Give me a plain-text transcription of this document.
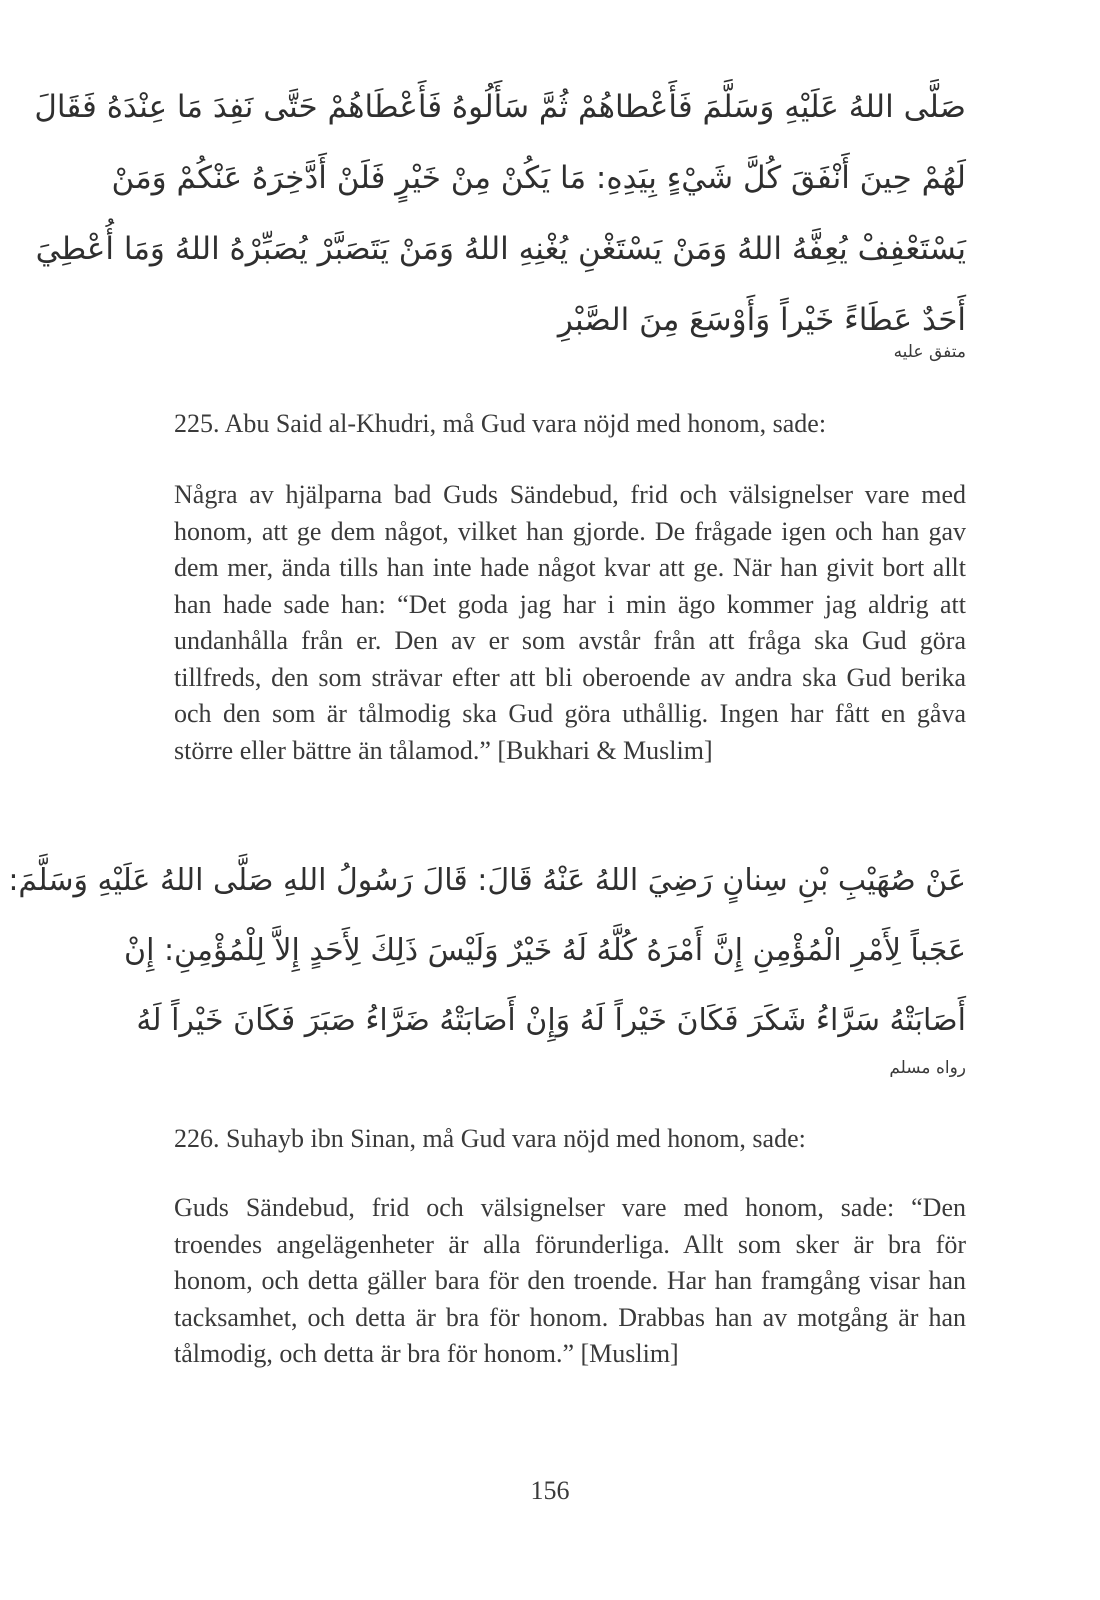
صَلَّى اللهُ عَلَيْهِ وَسَلَّمَ فَأَعْطاهُمْ ثُمَّ سَأَلُوهُ فَأَعْطَاهُمْ حَتَّى نَفِدَ مَا عِنْدَهُ فَقَالَ
لَهُمْ حِينَ أَنْفَقَ كُلَّ شَيْءٍ بِيَدِهِ: مَا يَكُنْ مِنْ خَيْرٍ فَلَنْ أَدَّخِرَهُ عَنْكُمْ وَمَنْ
يَسْتَعْفِفْ يُعِفَّهُ اللهُ وَمَنْ يَسْتَغْنِ يُغْنِهِ اللهُ وَمَنْ يَتَصَبَّرْ يُصَبِّرْهُ اللهُ وَمَا أُعْطِيَ
أَحَدٌ عَطَاءً خَيْراً وَأَوْسَعَ مِنَ الصَّبْرِ
متفق عليه
225. Abu Said al-Khudri, må Gud vara nöjd med honom, sade:

Några av hjälparna bad Guds Sändebud, frid och välsignelser vare med honom, att ge dem något, vilket han gjorde. De frågade igen och han gav dem mer, ända tills han inte hade något kvar att ge. När han givit bort allt han hade sade han: “Det goda jag har i min ägo kommer jag aldrig att undanhålla från er. Den av er som avstår från att fråga ska Gud göra tillfreds, den som strävar efter att bli oberoende av andra ska Gud berika och den som är tålmodig ska Gud göra uthållig. Ingen har fått en gåva större eller bättre än tålamod.” [Bukhari & Muslim]

عَنْ صُهَيْبِ بْنِ سِنانٍ رَضِيَ اللهُ عَنْهُ قَالَ: قَالَ رَسُولُ اللهِ صَلَّى اللهُ عَلَيْهِ وَسَلَّمَ:
عَجَباً لِأَمْرِ الْمُؤْمِنِ إِنَّ أَمْرَهُ كُلَّهُ لَهُ خَيْرٌ وَلَيْسَ ذَلِكَ لِأَحَدٍ إِلاَّ لِلْمُؤْمِنِ: إِنْ
أَصَابَتْهُ سَرَّاءُ شَكَرَ فَكَانَ خَيْراً لَهُ وَإِنْ أَصَابَتْهُ ضَرَّاءُ صَبَرَ فَكَانَ خَيْراً لَهُ
رواه مسلم
226. Suhayb ibn Sinan, må Gud vara nöjd med honom, sade:

Guds Sändebud, frid och välsignelser vare med honom, sade: “Den troendes angelägenheter är alla förunderliga. Allt som sker är bra för honom, och detta gäller bara för den troende. Har han framgång visar han tacksamhet, och detta är bra för honom. Drabbas han av motgång är han tålmodig, och detta är bra för honom.” [Muslim]

156
